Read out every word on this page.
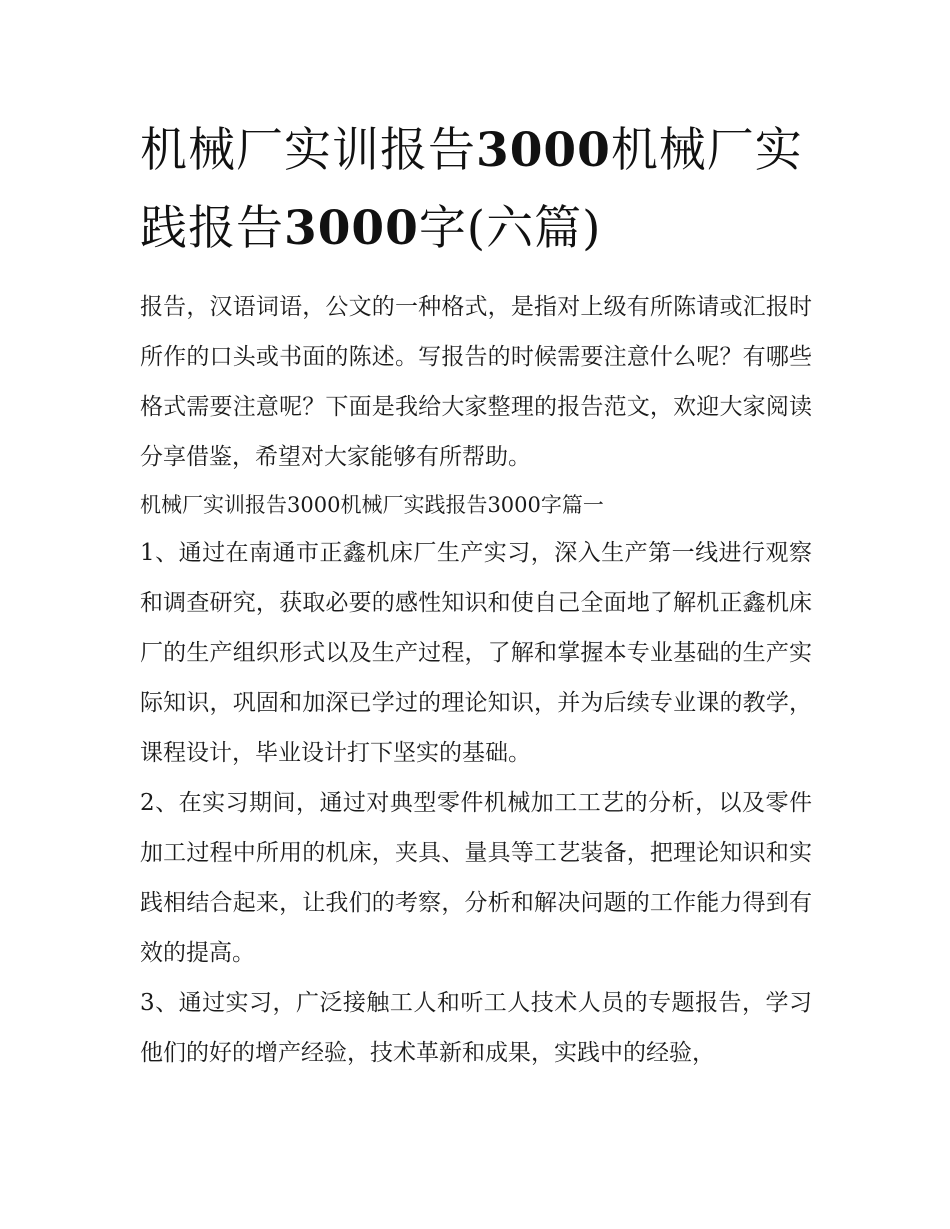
机械厂实训报告3000机械厂实践报告3000字(六篇)

报告，汉语词语，公文的一种格式，是指对上级有所陈请或汇报时所作的口头或书面的陈述。写报告的时候需要注意什么呢？有哪些格式需要注意呢？下面是我给大家整理的报告范文，欢迎大家阅读分享借鉴，希望对大家能够有所帮助。

机械厂实训报告3000机械厂实践报告3000字篇一

1、通过在南通市正鑫机床厂生产实习，深入生产第一线进行观察和调查研究，获取必要的感性知识和使自己全面地了解机正鑫机床厂的生产组织形式以及生产过程，了解和掌握本专业基础的生产实际知识，巩固和加深已学过的理论知识，并为后续专业课的教学，课程设计，毕业设计打下坚实的基础。

2、在实习期间，通过对典型零件机械加工工艺的分析，以及零件加工过程中所用的机床，夹具、量具等工艺装备，把理论知识和实践相结合起来，让我们的考察，分析和解决问题的工作能力得到有效的提高。

3、通过实习，广泛接触工人和听工人技术人员的专题报告，学习他们的好的增产经验，技术革新和成果，实践中的经验，
